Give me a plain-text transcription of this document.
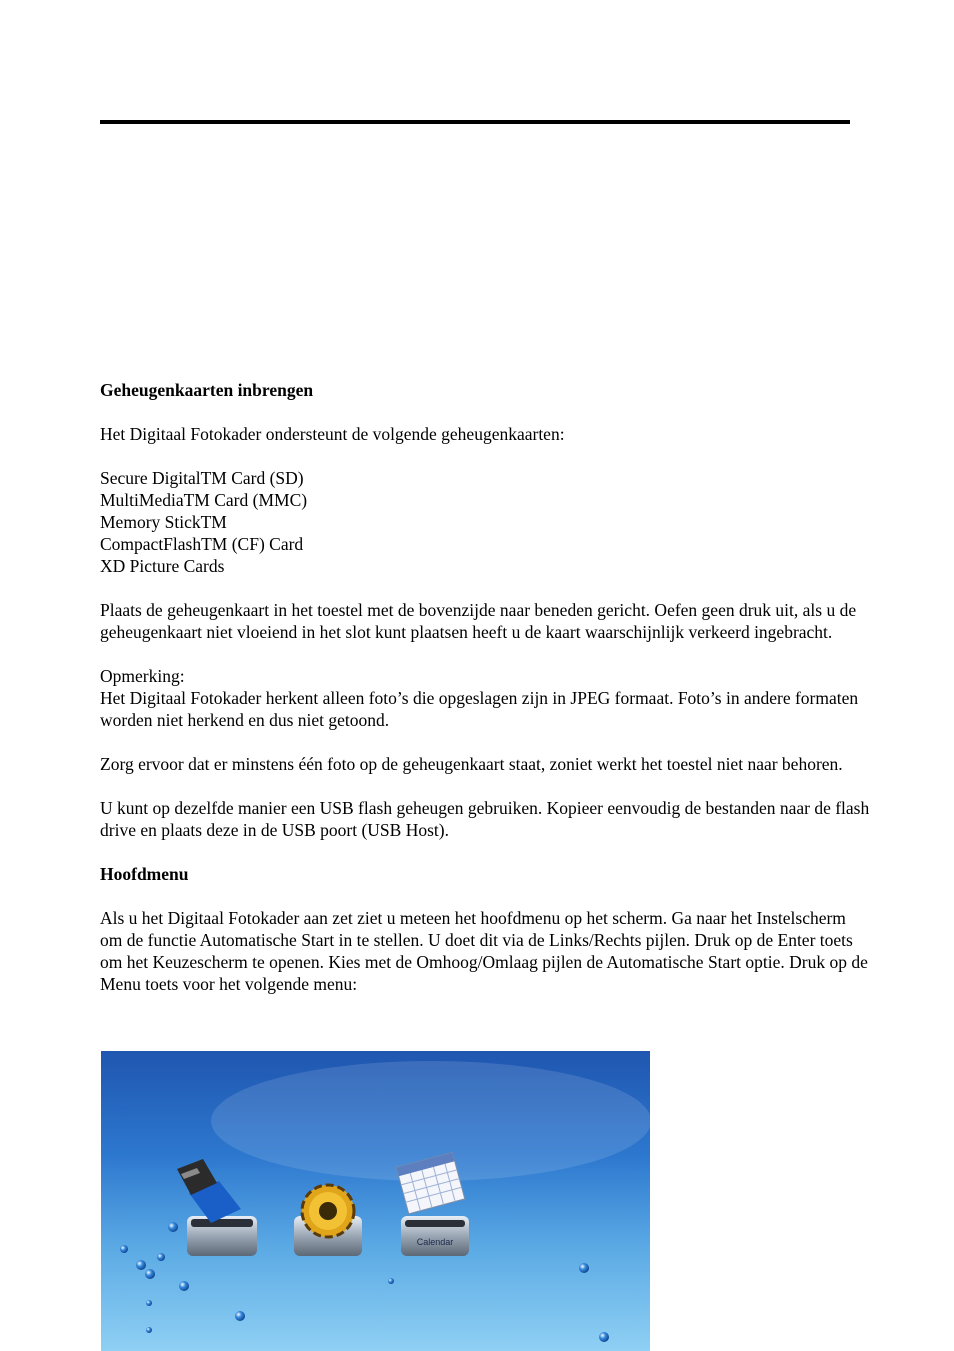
Geheugenkaarten inbrengen

Het Digitaal Fotokader ondersteunt de volgende geheugenkaarten:

Secure DigitalTM Card (SD)
MultiMediaTM Card (MMC)
Memory StickTM
CompactFlashTM (CF) Card
XD Picture Cards

Plaats de geheugenkaart in het toestel met de bovenzijde naar beneden gericht. Oefen geen druk uit, als u de geheugenkaart niet vloeiend in het slot kunt plaatsen heeft u de kaart waarschijnlijk verkeerd ingebracht.

Opmerking:
Het Digitaal Fotokader herkent alleen foto’s die opgeslagen zijn in JPEG formaat. Foto’s in andere formaten worden niet herkend en dus niet getoond.

Zorg ervoor dat er minstens één foto op de geheugenkaart staat, zoniet werkt het toestel niet naar behoren.

U kunt op dezelfde manier een USB flash geheugen gebruiken. Kopieer eenvoudig de bestanden naar de flash drive en plaats deze in de USB poort (USB Host).

Hoofdmenu

Als u het Digitaal Fotokader aan zet ziet u meteen het hoofdmenu op het scherm. Ga naar het Instelscherm om de functie Automatische Start in te stellen. U doet dit via de Links/Rechts pijlen. Druk op de Enter toets om het Keuzescherm te openen. Kies met de Omhoog/Omlaag pijlen de Automatische Start optie. Druk op de Menu toets voor het volgende menu:

Calendar
